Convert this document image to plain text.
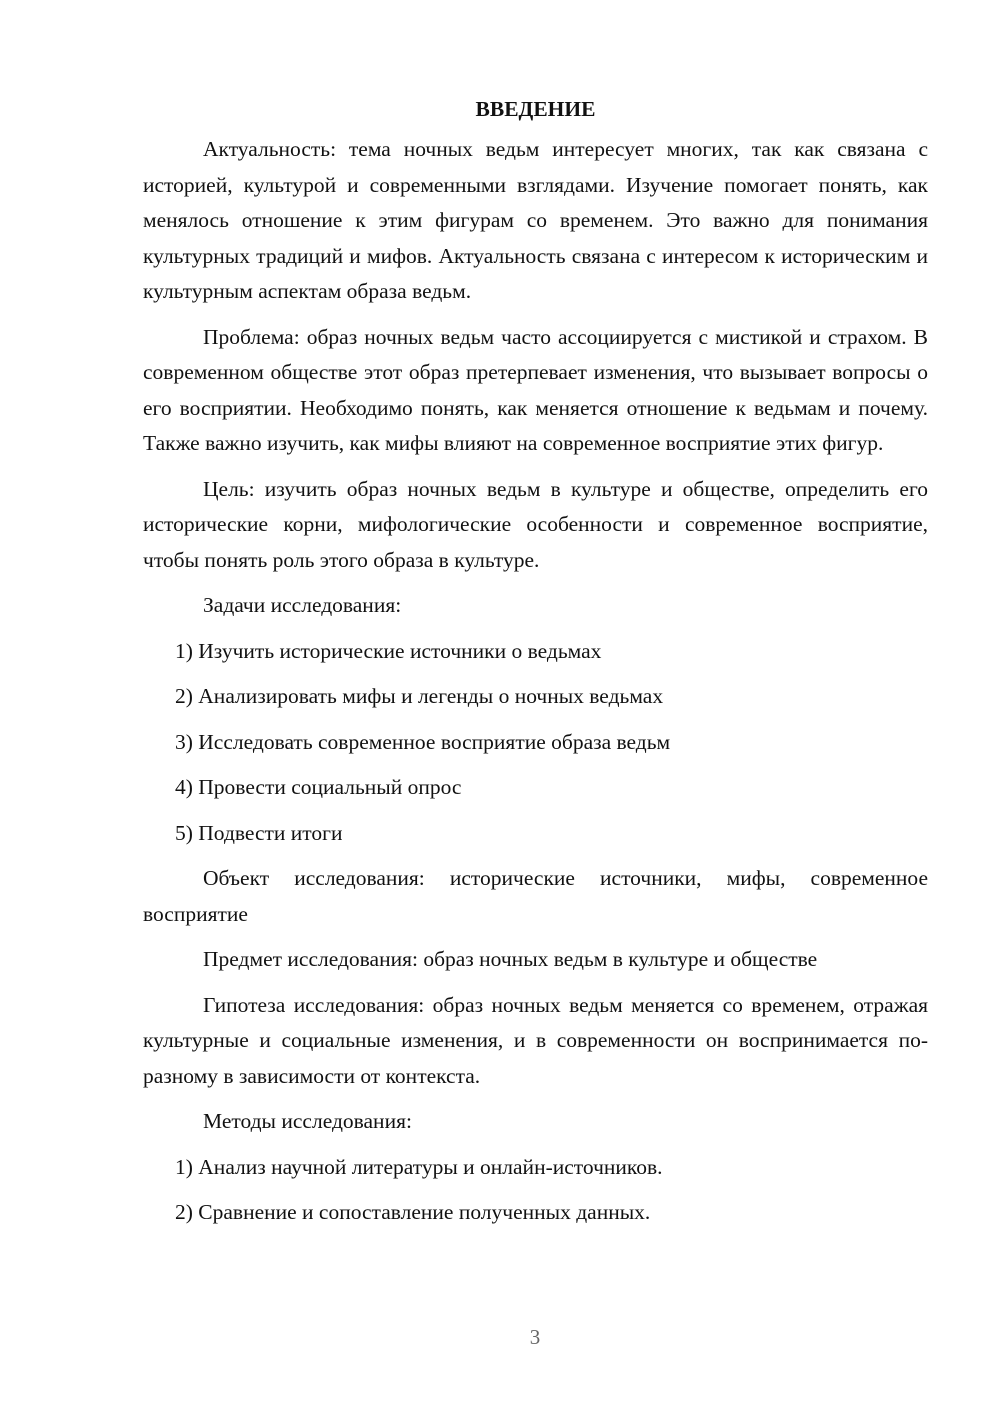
ВВЕДЕНИЕ

Актуальность: тема ночных ведьм интересует многих, так как связана с историей, культурой и современными взглядами. Изучение помогает понять, как менялось отношение к этим фигурам со временем. Это важно для понимания культурных традиций и мифов. Актуальность связана с интересом к историческим и культурным аспектам образа ведьм.

Проблема: образ ночных ведьм часто ассоциируется с мистикой и страхом. В современном обществе этот образ претерпевает изменения, что вызывает вопросы о его восприятии. Необходимо понять, как меняется отношение к ведьмам и почему. Также важно изучить, как мифы влияют на современное восприятие этих фигур.

Цель: изучить образ ночных ведьм в культуре и обществе, определить его исторические корни, мифологические особенности и современное восприятие, чтобы понять роль этого образа в культуре.

Задачи исследования:

1) Изучить исторические источники о ведьмах
2) Анализировать мифы и легенды о ночных ведьмах
3) Исследовать современное восприятие образа ведьм
4) Провести социальный опрос
5) Подвести итоги

Объект исследования: исторические источники, мифы, современное восприятие

Предмет исследования: образ ночных ведьм в культуре и обществе

Гипотеза исследования: образ ночных ведьм меняется со временем, отражая культурные и социальные изменения, и в современности он воспринимается по-разному в зависимости от контекста.

Методы исследования:

1) Анализ научной литературы и онлайн-источников.
2) Сравнение и сопоставление полученных данных.
3
